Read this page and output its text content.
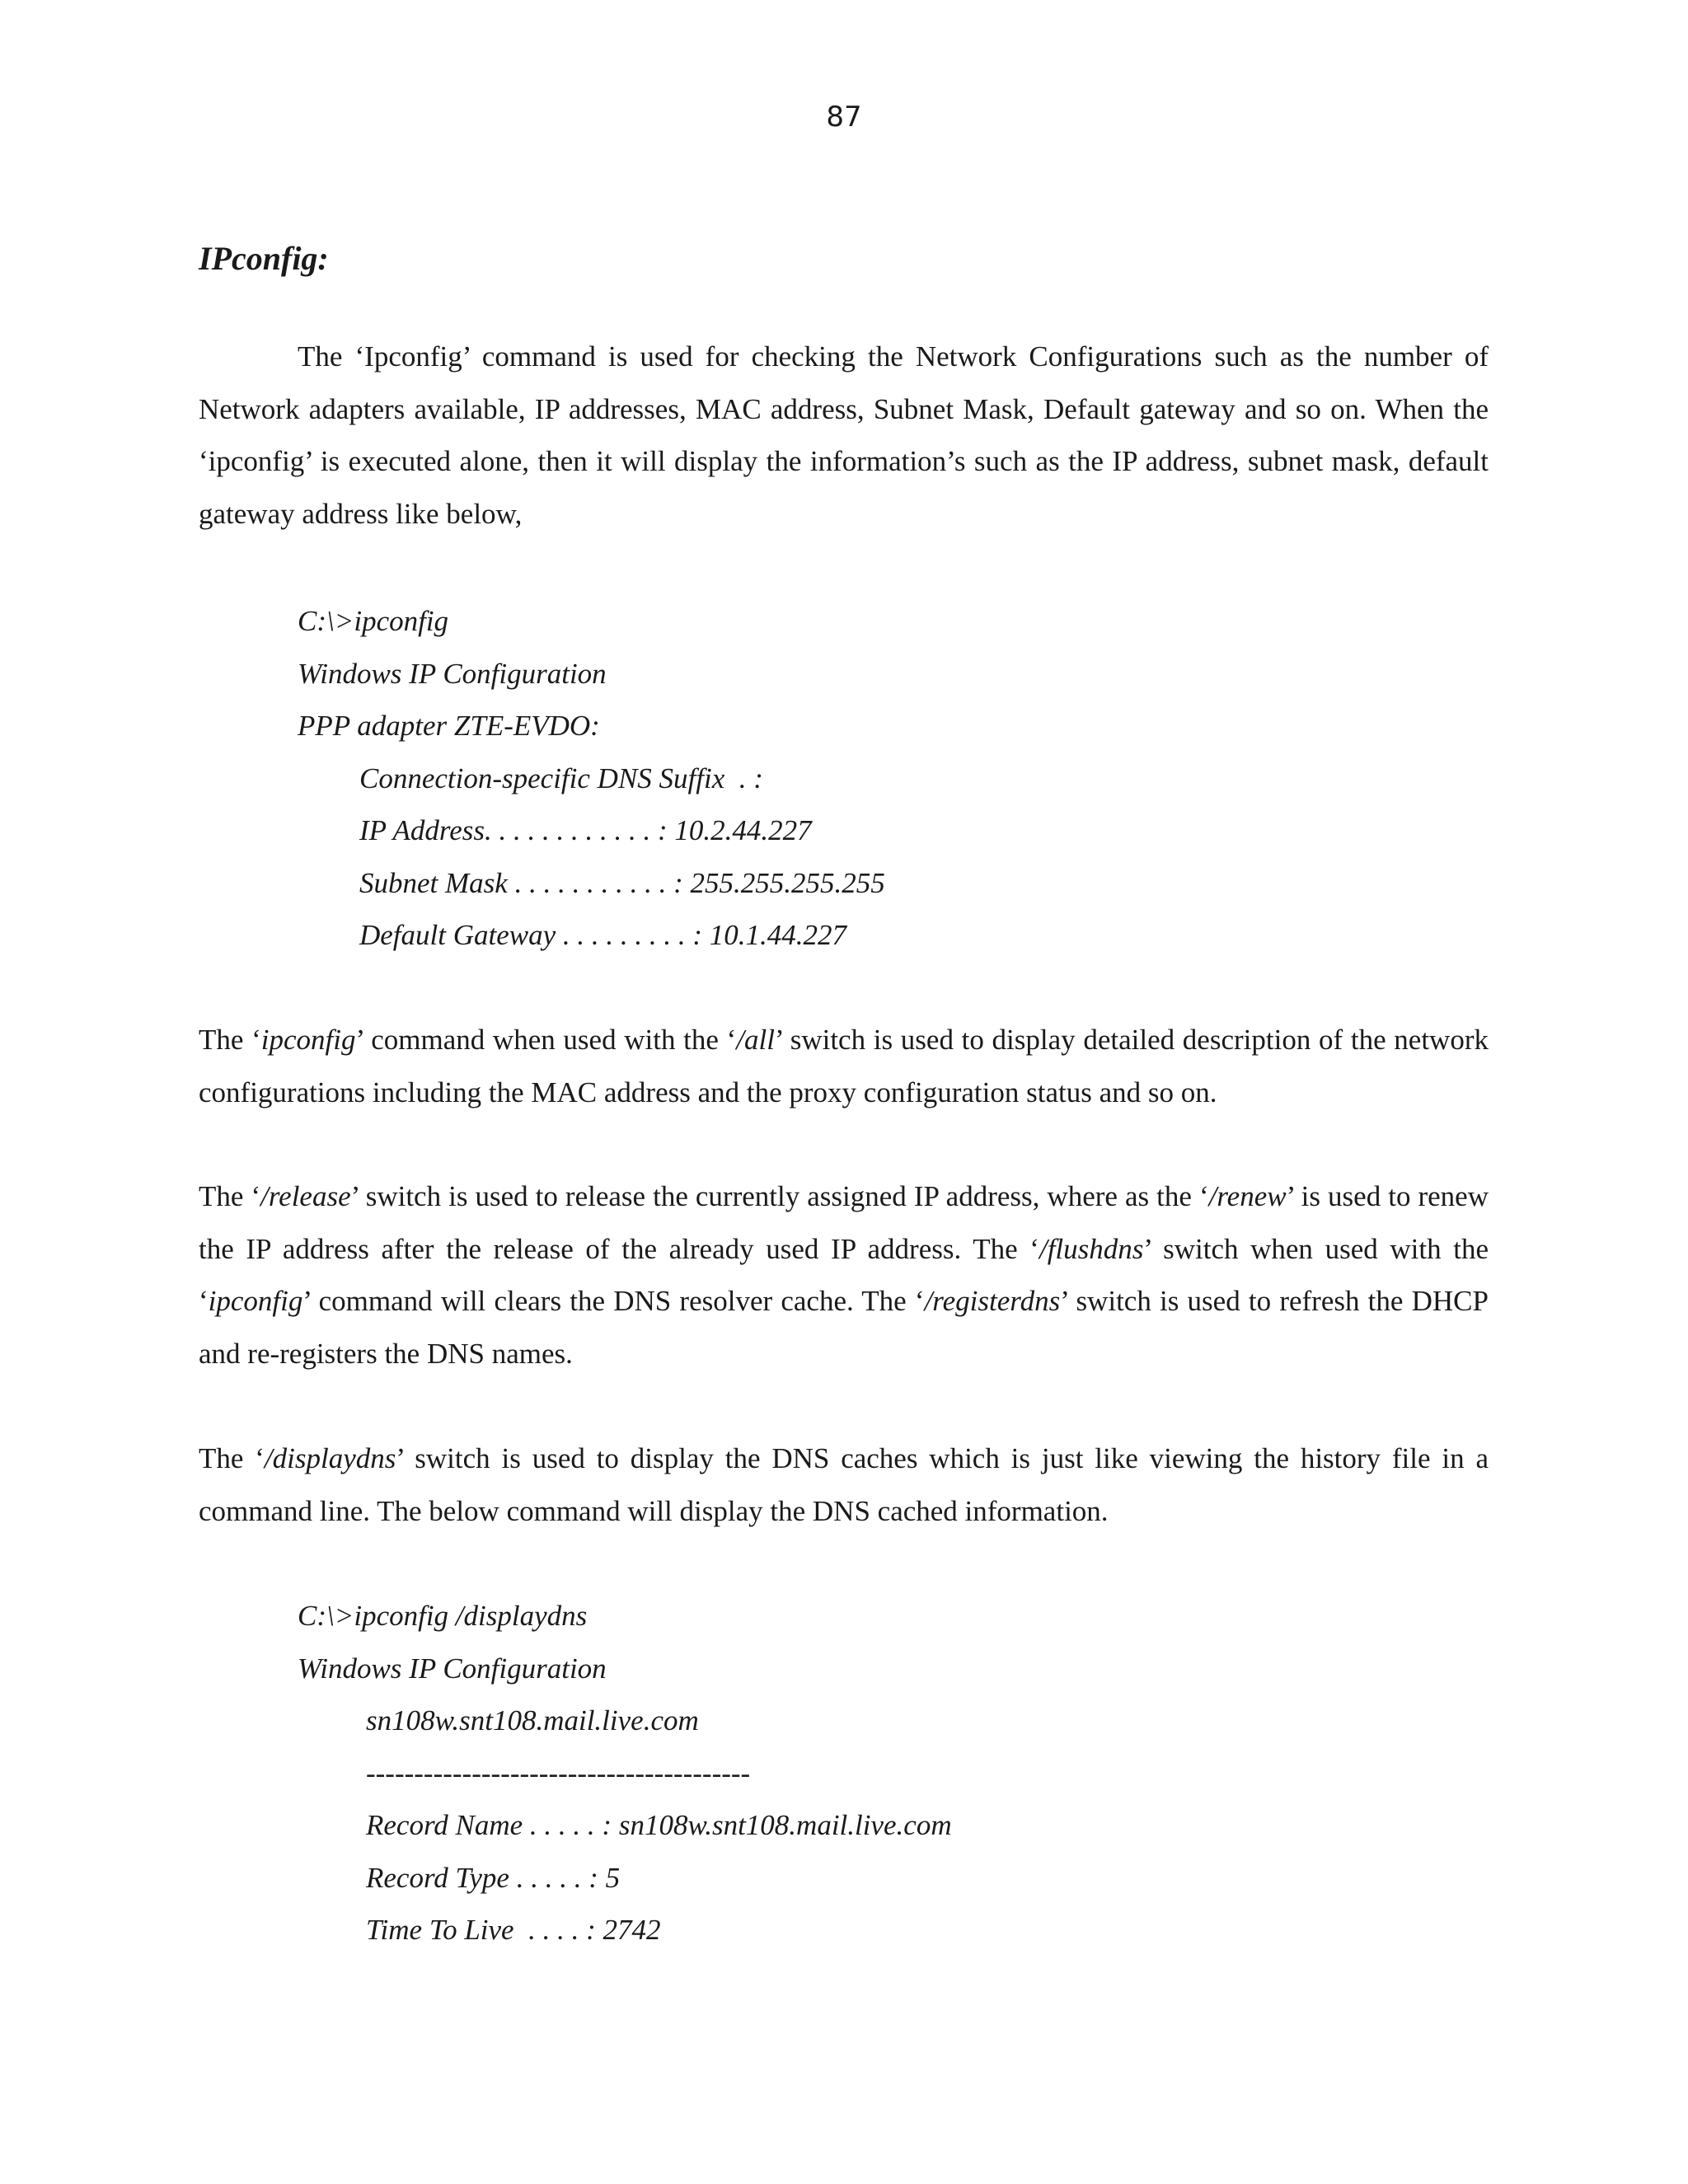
87
IPconfig:

The ‘Ipconfig’ command is used for checking the Network Configurations such as the number of Network adapters available, IP addresses, MAC address, Subnet Mask, Default gateway and so on. When the ‘ipconfig’ is executed alone, then it will display the information’s such as the IP address, subnet mask, default gateway address like below,

C:\>ipconfig
Windows IP Configuration
PPP adapter ZTE-EVDO:
Connection-specific DNS Suffix  . :
IP Address. . . . . . . . . . . . : 10.2.44.227
Subnet Mask . . . . . . . . . . . : 255.255.255.255
Default Gateway . . . . . . . . . : 10.1.44.227

The ‘ipconfig’ command when used with the ‘/all’ switch is used to display detailed description of the network configurations including the MAC address and the proxy configuration status and so on.

The ‘/release’ switch is used to release the currently assigned IP address, where as the ‘/renew’ is used to renew the IP address after the release of the already used IP address. The ‘/flushdns’ switch when used with the ‘ipconfig’ command will clears the DNS resolver cache. The ‘/registerdns’ switch is used to refresh the DHCP and re-registers the DNS names.

The ‘/displaydns’ switch is used to display the DNS caches which is just like viewing the history file in a command line. The below command will display the DNS cached information.

C:\>ipconfig /displaydns
Windows IP Configuration
sn108w.snt108.mail.live.com
----------------------------------------
Record Name . . . . . : sn108w.snt108.mail.live.com
Record Type . . . . . : 5
Time To Live  . . . . : 2742
